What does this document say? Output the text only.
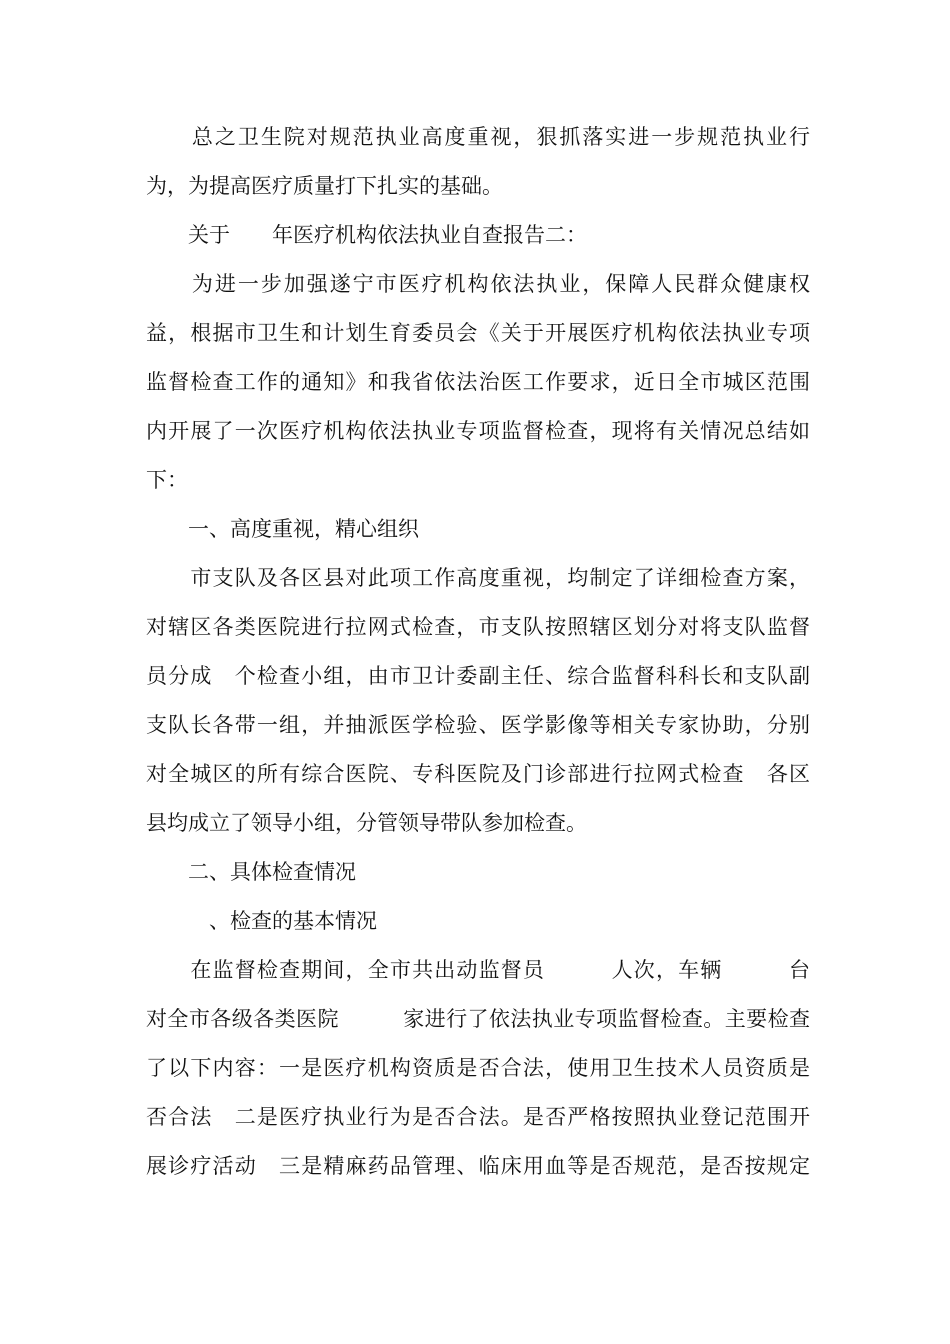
　　总之卫生院对规范执业高度重视，狠抓落实进一步规范执业行
为，为提高医疗质量打下扎实的基础。
　　关于　　年医疗机构依法执业自查报告二：
　　为进一步加强遂宁市医疗机构依法执业，保障人民群众健康权
益，根据市卫生和计划生育委员会《关于开展医疗机构依法执业专项
监督检查工作的通知》和我省依法治医工作要求，近日全市城区范围
内开展了一次医疗机构依法执业专项监督检查，现将有关情况总结如
下：
　　一、高度重视，精心组织
　　市支队及各区县对此项工作高度重视，均制定了详细检查方案，
对辖区各类医院进行拉网式检查，市支队按照辖区划分对将支队监督
员分成　个检查小组，由市卫计委副主任、综合监督科科长和支队副
支队长各带一组，并抽派医学检验、医学影像等相关专家协助，分别
对全城区的所有综合医院、专科医院及门诊部进行拉网式检查　各区
县均成立了领导小组，分管领导带队参加检查。
　　二、具体检查情况
　　　、检查的基本情况
　　在监督检查期间，全市共出动监督员　　　人次，车辆　　　台
对全市各级各类医院　　　家进行了依法执业专项监督检查。主要检查
了以下内容：一是医疗机构资质是否合法，使用卫生技术人员资质是
否合法　二是医疗执业行为是否合法。是否严格按照执业登记范围开
展诊疗活动　三是精麻药品管理、临床用血等是否规范，是否按规定
